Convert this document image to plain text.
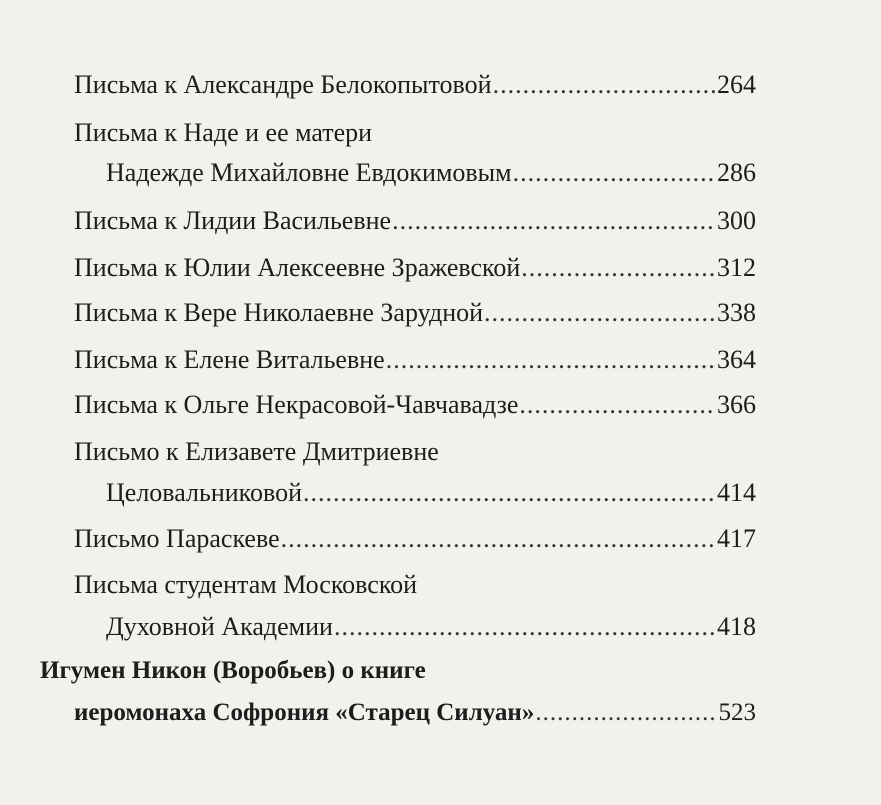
Письма к Александре Белокопытовой .....	264
Письма к Наде и ее матери
Надежде Михайловне Евдокимовым .....	286
Письма к Лидии Васильевне .....	300
Письма к Юлии Алексеевне Зражевской .....	312
Письма к Вере Николаевне Зарудной .....	338
Письма к Елене Витальевне .....	364
Письма к Ольге Некрасовой-Чавчавадзе .....	366
Письмо к Елизавете Дмитриевне
Целовальниковой .....	414
Письмо Параскеве .....	417
Письма студентам Московской
Духовной Академии .....	418
Игумен Никон (Воробьев) о книге
иеромонаха Софрония «Старец Силуан» .....	523
